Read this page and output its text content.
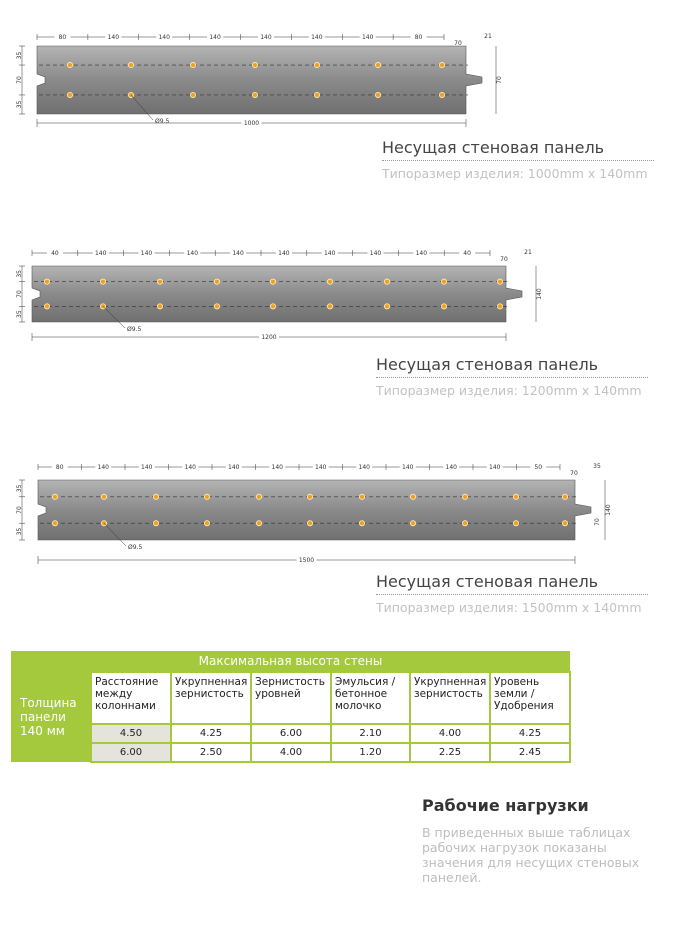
80	140	140	140	140	140	140	80
70
21
35
70
35
70
Ø9.5	1000
Несущая стеновая панель
Типоразмер изделия: 1000mm x 140mm
40	140	140	140	140	140	140	140	140	40
70
21
35
70
35
140
Ø9.5
1200
Несущая стеновая панель
Типоразмер изделия: 1200mm x 140mm
80	140	140	140	140	140	140	140	140	140	140	50
70
35
35
70
35
140
70
Ø9.5
1500
Несущая стеновая панель
Типоразмер изделия: 1500mm x 140mm
Максимальная высота стены						
Толщина панели 140 мм	Расстояние между колоннами	Укрупненная зернистость	Зернистость уровней	Эмульсия /бетонное молочко	Укрупненная зернистость	Уровень земли /Удобрения
	4.50	4.25	6.00	2.10	4.00	4.25
	6.00	2.50	4.00	1.20	2.25	2.45
Рабочие нагрузки

В приведенных выше таблицах рабочих нагрузок показаны значения для несущих стеновых панелей.
